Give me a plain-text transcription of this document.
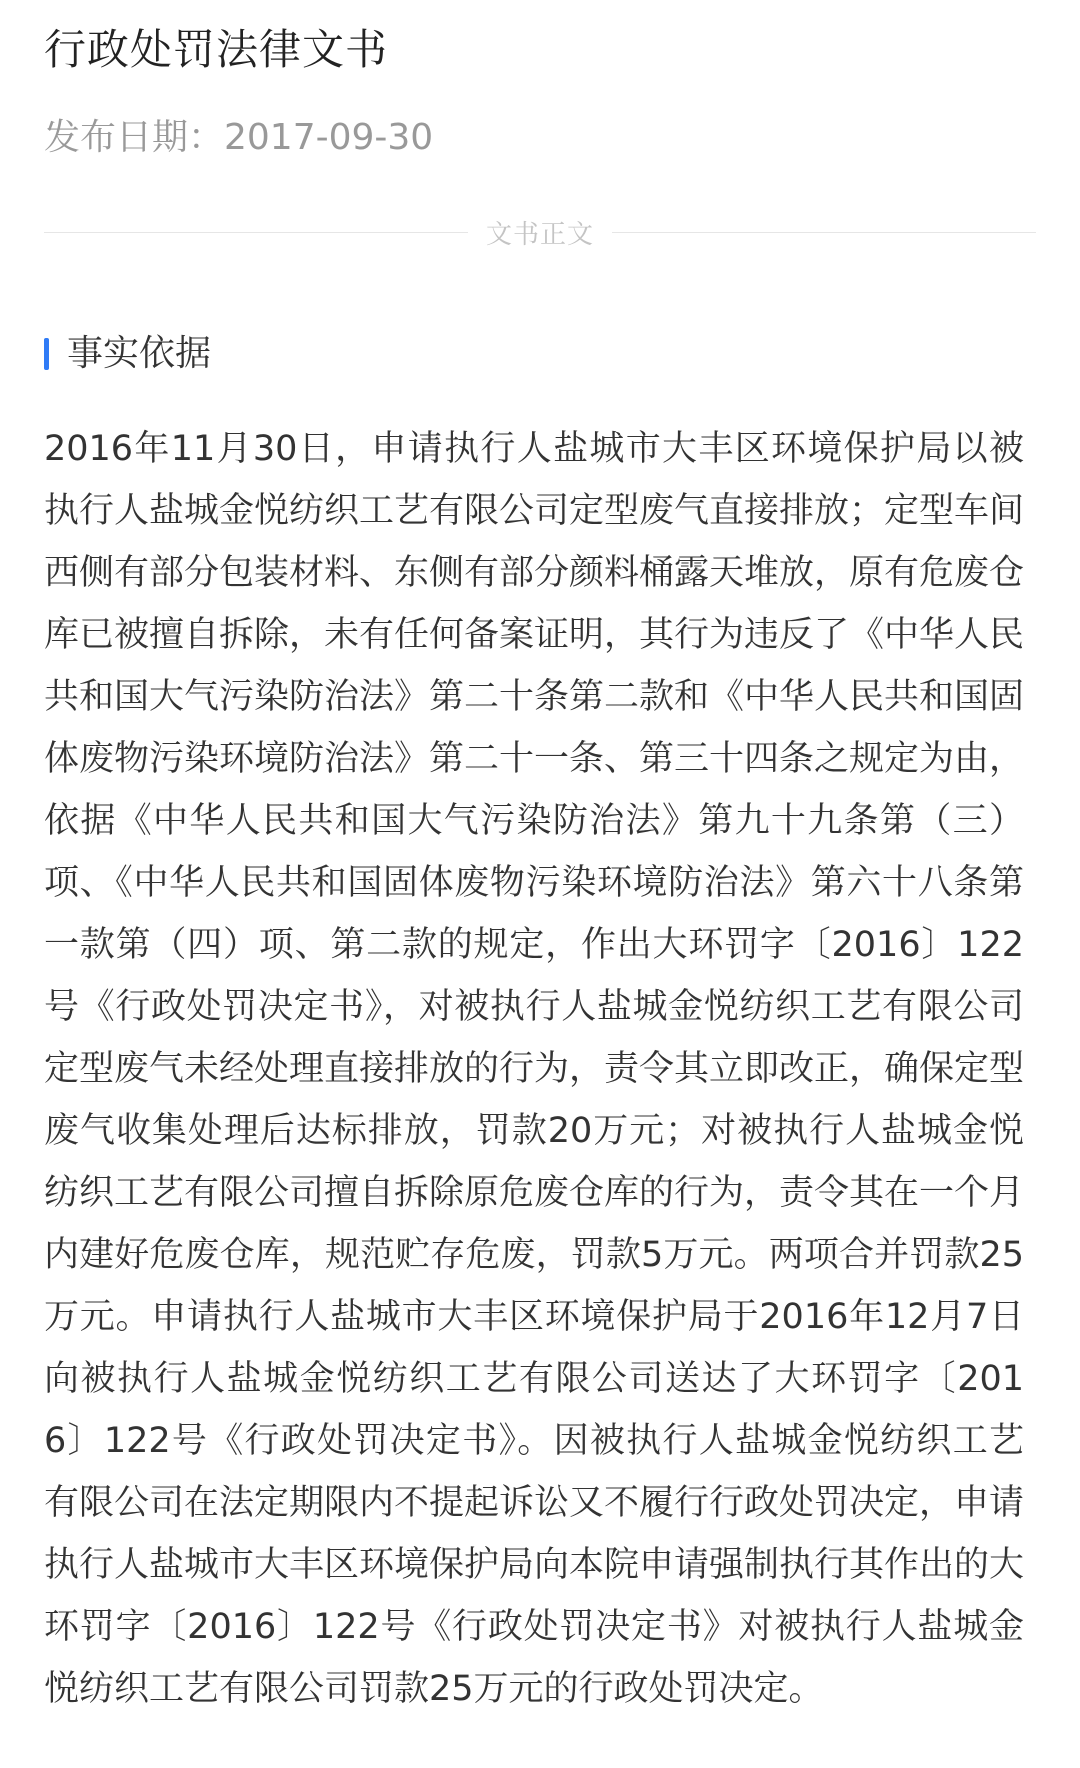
行政处罚法律文书
发布日期：2017-09-30
文书正文
事实依据

2016年11月30日，申请执行人盐城市大丰区环境保护局以被执行人盐城金悦纺织工艺有限公司定型废气直接排放；定型车间西侧有部分包装材料、东侧有部分颜料桶露天堆放，原有危废仓库已被擅自拆除，未有任何备案证明，其行为违反了《中华人民共和国大气污染防治法》第二十条第二款和《中华人民共和国固体废物污染环境防治法》第二十一条、第三十四条之规定为由，依据《中华人民共和国大气污染防治法》第九十九条第（三）项、《中华人民共和国固体废物污染环境防治法》第六十八条第一款第（四）项、第二款的规定，作出大环罚字〔2016〕122号《行政处罚决定书》，对被执行人盐城金悦纺织工艺有限公司定型废气未经处理直接排放的行为，责令其立即改正，确保定型废气收集处理后达标排放，罚款20万元；对被执行人盐城金悦纺织工艺有限公司擅自拆除原危废仓库的行为，责令其在一个月内建好危废仓库，规范贮存危废，罚款5万元。两项合并罚款25万元。申请执行人盐城市大丰区环境保护局于2016年12月7日向被执行人盐城金悦纺织工艺有限公司送达了大环罚字〔2016〕122号《行政处罚决定书》。因被执行人盐城金悦纺织工艺有限公司在法定期限内不提起诉讼又不履行行政处罚决定，申请执行人盐城市大丰区环境保护局向本院申请强制执行其作出的大环罚字〔2016〕122号《行政处罚决定书》对被执行人盐城金悦纺织工艺有限公司罚款25万元的行政处罚决定。
